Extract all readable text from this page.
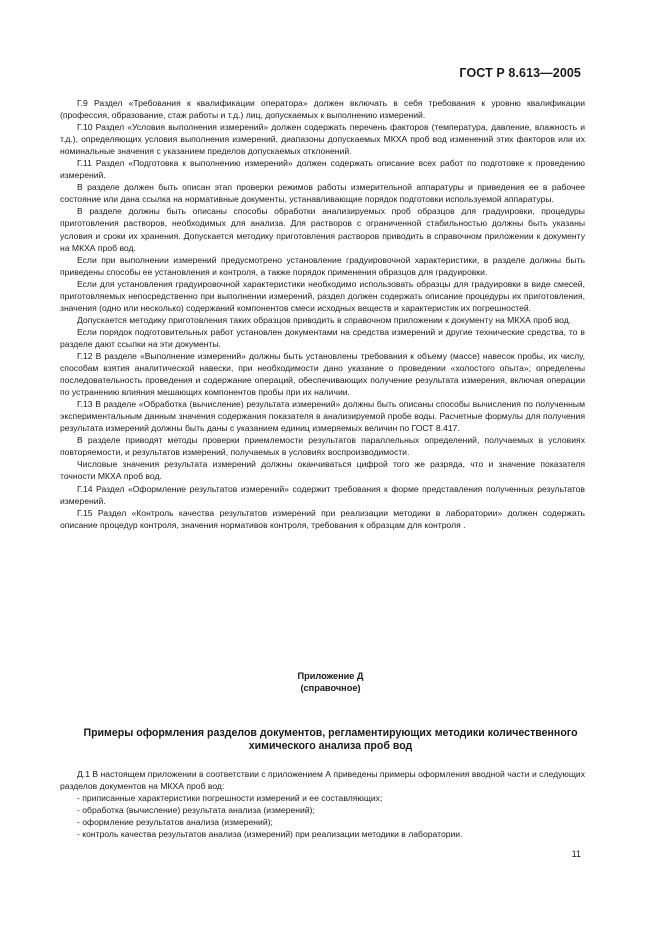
ГОСТ Р 8.613—2005

Г.9 Раздел «Требования к квалификации оператора» должен включать в себя требования к уровню квалификации (профессия, образование, стаж работы и т.д.) лиц, допускаемых к выполнению измерений.

Г.10 Раздел «Условия выполнения измерений» должен содержать перечень факторов (температура, давление, влажность и т.д.), определяющих условия выполнения измерений, диапазоны допускаемых МКХА проб вод изменений этих факторов или их номинальные значения с указанием пределов допускаемых отклонений.

Г.11 Раздел «Подготовка к выполнению измерений» должен содержать описание всех работ по подготовке к проведению измерений.

В разделе должен быть описан этап проверки режимов работы измерительной аппаратуры и приведения ее в рабочее состояние или дана ссылка на нормативные документы, устанавливающие порядок подготовки используемой аппаратуры.

В разделе должны быть описаны способы обработки анализируемых проб образцов для градуировки, процедуры приготовления растворов, необходимых для анализа. Для растворов с ограниченной стабильностью должны быть указаны условия и сроки их хранения. Допускается методику приготовления растворов приводить в справочном приложении к документу на МКХА проб вод.

Если при выполнении измерений предусмотрено установление градуировочной характеристики, в разделе должны быть приведены способы ее установления и контроля, а также порядок применения образцов для градуировки.

Если для установления градуировочной характеристики необходимо использовать образцы для градуировки в виде смесей, приготовляемых непосредственно при выполнении измерений, раздел должен содержать описание процедуры их приготовления, значения (одно или несколько) содержаний компонентов смеси исходных веществ и характеристик их погрешностей.

Допускается методику приготовления таких образцов приводить в справочном приложении к документу на МКХА проб вод.

Если порядок подготовительных работ установлен документами на средства измерений и другие технические средства, то в разделе дают ссылки на эти документы.

Г.12 В разделе «Выполнение измерений» должны быть установлены требования к объему (массе) навесок пробы, их числу, способам взятия аналитической навески, при необходимости дано указание о проведении «холостого опыта»; определены последовательность проведения и содержание операций, обеспечивающих получение результата измерения, включая операции по устранению влияния мешающих компонентов пробы при их наличии.

Г.13 В разделе «Обработка (вычисление) результата измерений» должны быть описаны способы вычисления по полученным экспериментальным данным значения содержания показателя в анализируемой пробе воды. Расчетные формулы для получения результата измерений должны быть даны с указанием единиц измеряемых величин по ГОСТ 8.417.

В разделе приводят методы проверки приемлемости результатов параллельных определений, получаемых в условиях повторяемости, и результатов измерений, получаемых в условиях воспроизводимости.

Числовые значения результата измерений должны оканчиваться цифрой того же разряда, что и значение показателя точности МКХА проб вод.

Г.14 Раздел «Оформление результатов измерений» содержит требования к форме представления полученных результатов измерений.

Г.15 Раздел «Контроль качества результатов измерений при реализации методики в лаборатории» должен содержать описание процедур контроля, значения нормативов контроля, требования к образцам для контроля .

Приложение Д
(справочное)
Примеры оформления разделов документов, регламентирующих методики количественного химического анализа проб вод

Д.1 В настоящем приложении в соответствии с приложением А приведены примеры оформления вводной части и следующих разделов документов на МКХА проб вод:

- приписанные характеристики погрешности измерений и ее составляющих;
- обработка (вычисление) результата анализа (измерений);
- оформление результатов анализа (измерений);
- контроль качества результатов анализа (измерений) при реализации методики в лаборатории.
11
